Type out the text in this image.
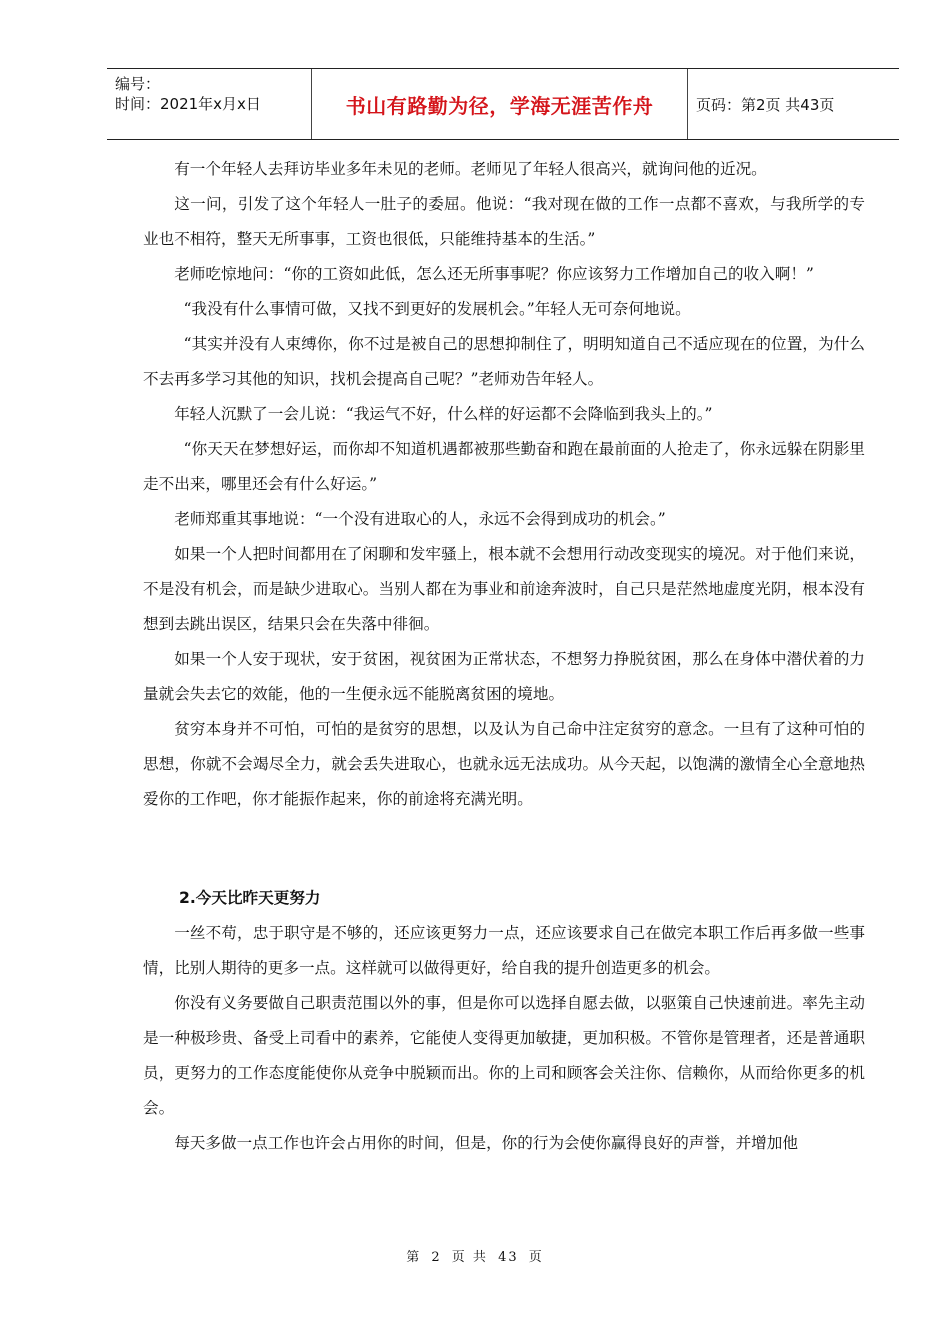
编号：
时间：2021年x月x日	书山有路勤为径，学海无涯苦作舟	页码：第2页 共43页

有一个年轻人去拜访毕业多年未见的老师。老师见了年轻人很高兴，就询问他的近况。

这一问，引发了这个年轻人一肚子的委屈。他说：“我对现在做的工作一点都不喜欢，与我所学的专业也不相符，整天无所事事，工资也很低，只能维持基本的生活。”

老师吃惊地问：“你的工资如此低，怎么还无所事事呢？你应该努力工作增加自己的收入啊！”

“我没有什么事情可做，又找不到更好的发展机会。”年轻人无可奈何地说。

“其实并没有人束缚你，你不过是被自己的思想抑制住了，明明知道自己不适应现在的位置，为什么不去再多学习其他的知识，找机会提高自己呢？”老师劝告年轻人。

年轻人沉默了一会儿说：“我运气不好，什么样的好运都不会降临到我头上的。”

“你天天在梦想好运，而你却不知道机遇都被那些勤奋和跑在最前面的人抢走了，你永远躲在阴影里走不出来，哪里还会有什么好运。”

老师郑重其事地说：“一个没有进取心的人，永远不会得到成功的机会。”

如果一个人把时间都用在了闲聊和发牢骚上，根本就不会想用行动改变现实的境况。对于他们来说，不是没有机会，而是缺少进取心。当别人都在为事业和前途奔波时，自己只是茫然地虚度光阴，根本没有想到去跳出误区，结果只会在失落中徘徊。

如果一个人安于现状，安于贫困，视贫困为正常状态，不想努力挣脱贫困，那么在身体中潜伏着的力量就会失去它的效能，他的一生便永远不能脱离贫困的境地。

贫穷本身并不可怕，可怕的是贫穷的思想，以及认为自己命中注定贫穷的意念。一旦有了这种可怕的思想，你就不会竭尽全力，就会丢失进取心，也就永远无法成功。从今天起，以饱满的激情全心全意地热爱你的工作吧，你才能振作起来，你的前途将充满光明。

2.今天比昨天更努力

一丝不苟，忠于职守是不够的，还应该更努力一点，还应该要求自己在做完本职工作后再多做一些事情，比别人期待的更多一点。这样就可以做得更好，给自我的提升创造更多的机会。

你没有义务要做自己职责范围以外的事，但是你可以选择自愿去做，以驱策自己快速前进。率先主动是一种极珍贵、备受上司看中的素养，它能使人变得更加敏捷，更加积极。不管你是管理者，还是普通职员，更努力的工作态度能使你从竞争中脱颖而出。你的上司和顾客会关注你、信赖你，从而给你更多的机会。

每天多做一点工作也许会占用你的时间，但是，你的行为会使你赢得良好的声誉，并增加他

第 2 页 共 43 页
